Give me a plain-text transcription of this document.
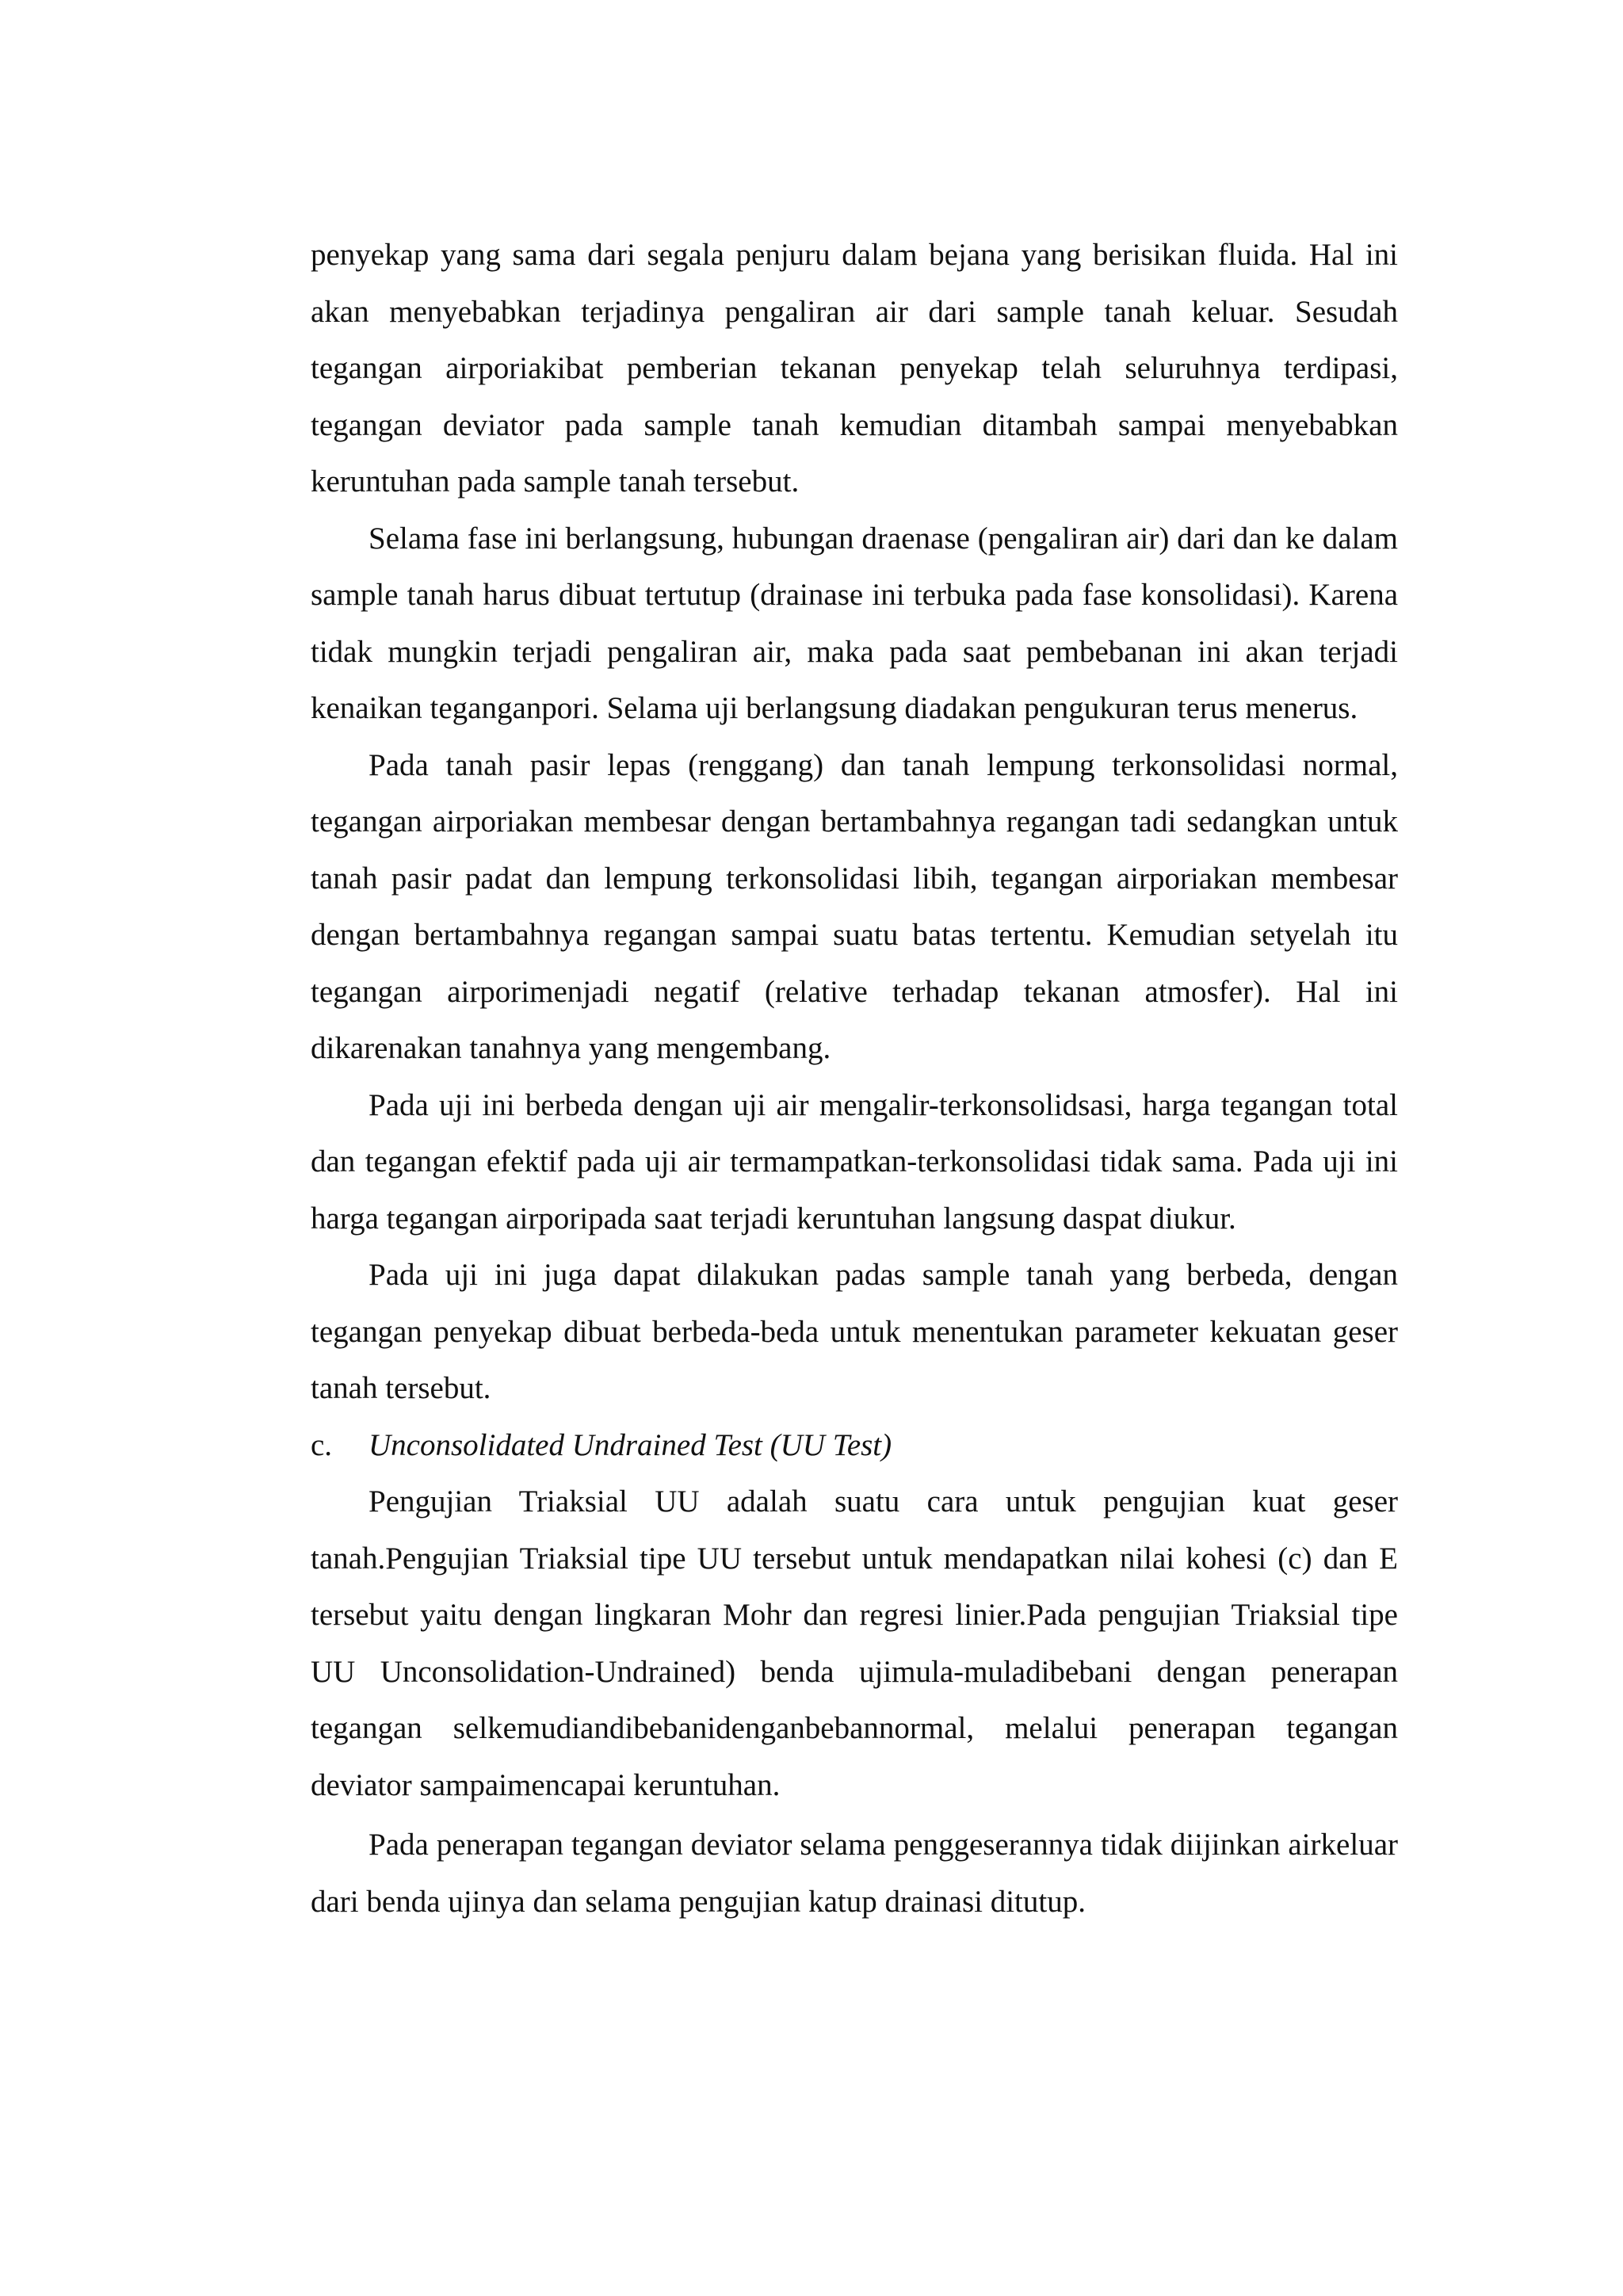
penyekap yang sama dari segala penjuru dalam bejana yang berisikan fluida. Hal ini akan menyebabkan terjadinya pengaliran air dari sample tanah keluar. Sesudah tegangan airporiakibat pemberian tekanan penyekap telah seluruhnya terdipasi, tegangan deviator pada sample tanah kemudian ditambah sampai menyebabkan keruntuhan pada sample tanah tersebut.

Selama fase ini berlangsung, hubungan draenase (pengaliran air) dari dan ke dalam sample tanah harus dibuat tertutup (drainase ini terbuka pada fase konsolidasi). Karena tidak mungkin terjadi pengaliran air, maka pada saat pembebanan ini akan terjadi kenaikan teganganpori. Selama uji berlangsung diadakan pengukuran terus menerus.

Pada tanah pasir lepas (renggang) dan tanah lempung terkonsolidasi normal, tegangan airporiakan membesar dengan bertambahnya regangan tadi sedangkan untuk tanah pasir padat dan lempung terkonsolidasi libih, tegangan airporiakan membesar dengan bertambahnya regangan sampai suatu batas tertentu. Kemudian setyelah itu tegangan airporimenjadi negatif (relative terhadap tekanan atmosfer). Hal ini dikarenakan tanahnya yang mengembang.

Pada uji ini berbeda dengan uji air mengalir-terkonsolidsasi, harga tegangan total dan tegangan efektif pada uji air termampatkan-terkonsolidasi tidak sama. Pada uji ini harga tegangan airporipada saat terjadi keruntuhan langsung daspat diukur.

Pada uji ini juga dapat dilakukan padas sample tanah yang berbeda, dengan tegangan penyekap dibuat berbeda-beda untuk menentukan parameter kekuatan geser tanah tersebut.

c.	Unconsolidated Undrained Test (UU Test)

Pengujian Triaksial UU adalah suatu cara untuk pengujian kuat geser tanah.Pengujian Triaksial tipe UU tersebut untuk mendapatkan nilai kohesi (c) dan E tersebut yaitu dengan lingkaran Mohr dan regresi linier.Pada pengujian Triaksial tipe UU Unconsolidation-Undrained) benda ujimula-muladibebani dengan penerapan tegangan selkemudiandibebanidenganbebannormal, melalui penerapan tegangan deviator sampaimencapai keruntuhan.

Pada penerapan tegangan deviator selama penggeserannya tidak diijinkan airkeluar dari benda ujinya dan selama pengujian katup drainasi ditutup.
